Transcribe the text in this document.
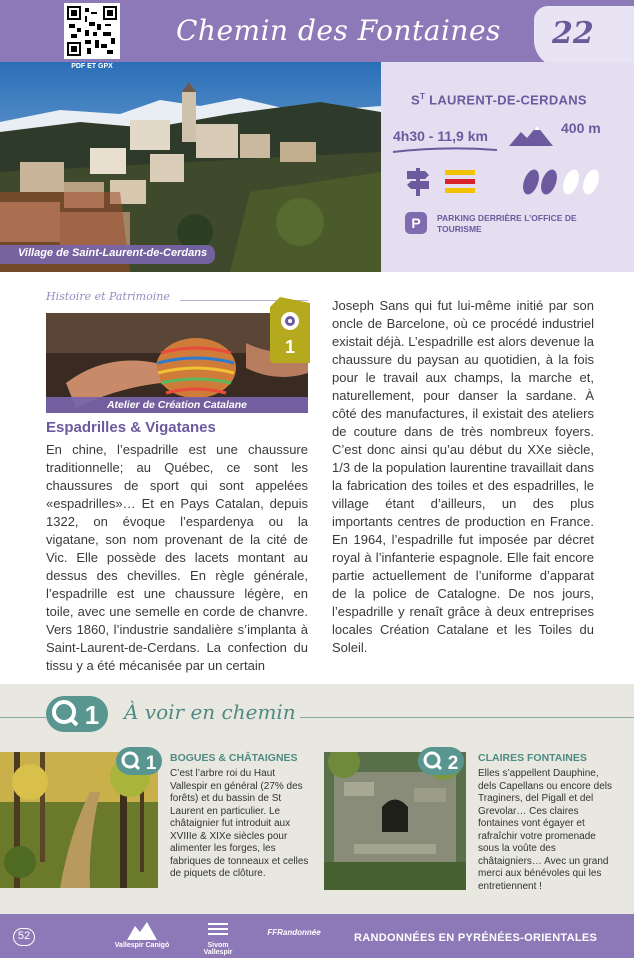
PDF ET GPX
Chemin des Fontaines 22
Village de Saint-Laurent-de-Cerdans
$S^T$ LAURENT-DE-CERDANS
4h30 - 11,9 km	400 m
P	PARKING DERRIÈRE L’OFFICE DE TOURISME
Histoire et Patrimoine
Atelier de Création Catalane
1
Espadrilles & Vigatanes
En chine, l’espadrille est une chaussure traditionnelle; au Québec, ce sont les chaussures de sport qui sont appelées «espadrilles»… Et en Pays Catalan, depuis 1322, on évoque l’espardenya ou la vigatane, son nom provenant de la cité de Vic. Elle possède des lacets montant au dessus des chevilles. En règle générale, l’espadrille est une chaussure légère, en toile, avec une semelle en corde de chanvre. Vers 1860, l’industrie sandalière s’implanta à Saint-Laurent-de-Cerdans. La confection du tissu y a été mécanisée par un certain
Joseph Sans qui fut lui-même initié par son oncle de Barcelone, où ce procédé industriel existait déjà. L’espadrille est alors devenue la chaussure du paysan au quotidien, à la fois pour le travail aux champs, la marche et, naturellement, pour danser la sardane. À côté des manufactures, il existait des ateliers de couture dans de très nombreux foyers. C’est donc ainsi qu’au début du XXe siècle, 1/3 de la population laurentine travaillait dans la fabrication des toiles et des espadrilles, le village étant d’ailleurs, un des plus importants centres de production en France. En 1964, l’espadrille fut imposée par décret royal à l’infanterie espagnole. Elle fait encore partie actuellement de l’uniforme d’apparat de la police de Catalogne. De nos jours, l’espadrille y renaît grâce à deux entreprises locales Création Catalane et les Toiles du Soleil.
1 À voir en chemin
1 BOGUES & CHÂTAIGNES
C’est l’arbre roi du Haut Vallespir en général (27% des forêts) et du bassin de St Laurent en particulier. Le châtaignier fut introduit aux XVIIIe & XIXe siècles pour alimenter les forges, les fabriques de tonneaux et celles de piquets de clôture.
2 CLAIRES FONTAINES
Elles s’appellent Dauphine, dels Capellans ou encore dels Traginers, del Pigall et del Grevolar… Ces claires fontaines vont égayer et rafraîchir votre promenade sous la voûte des châtaigniers… Avec un grand merci aux bénévoles qui les entretiennent !
52
Vallespir Canigó	Sivom Vallespir
FFRandonnée	RANDONNÉES EN PYRÉNÉES-ORIENTALES
